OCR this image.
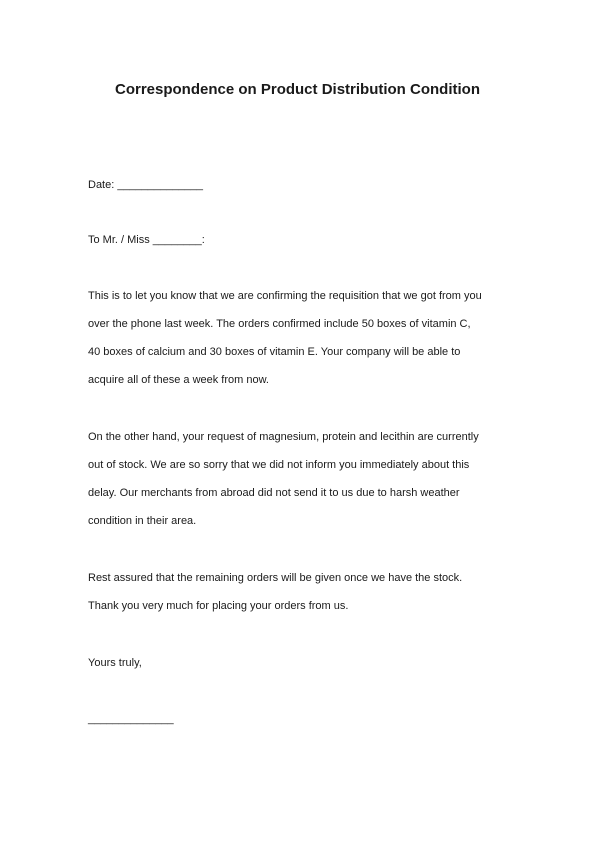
Correspondence on Product Distribution Condition

Date: ______________

To Mr. / Miss ________:

This is to let you know that we are confirming the requisition that we got from you

over the phone last week. The orders confirmed include 50 boxes of vitamin C,

40 boxes of calcium and 30 boxes of vitamin E. Your company will be able to

acquire all of these a week from now.

On the other hand, your request of magnesium, protein and lecithin are currently

out of stock. We are so sorry that we did not inform you immediately about this

delay. Our merchants from abroad did not send it to us due to harsh weather

condition in their area.

Rest assured that the remaining orders will be given once we have the stock.

Thank you very much for placing your orders from us.

Yours truly,

______________
